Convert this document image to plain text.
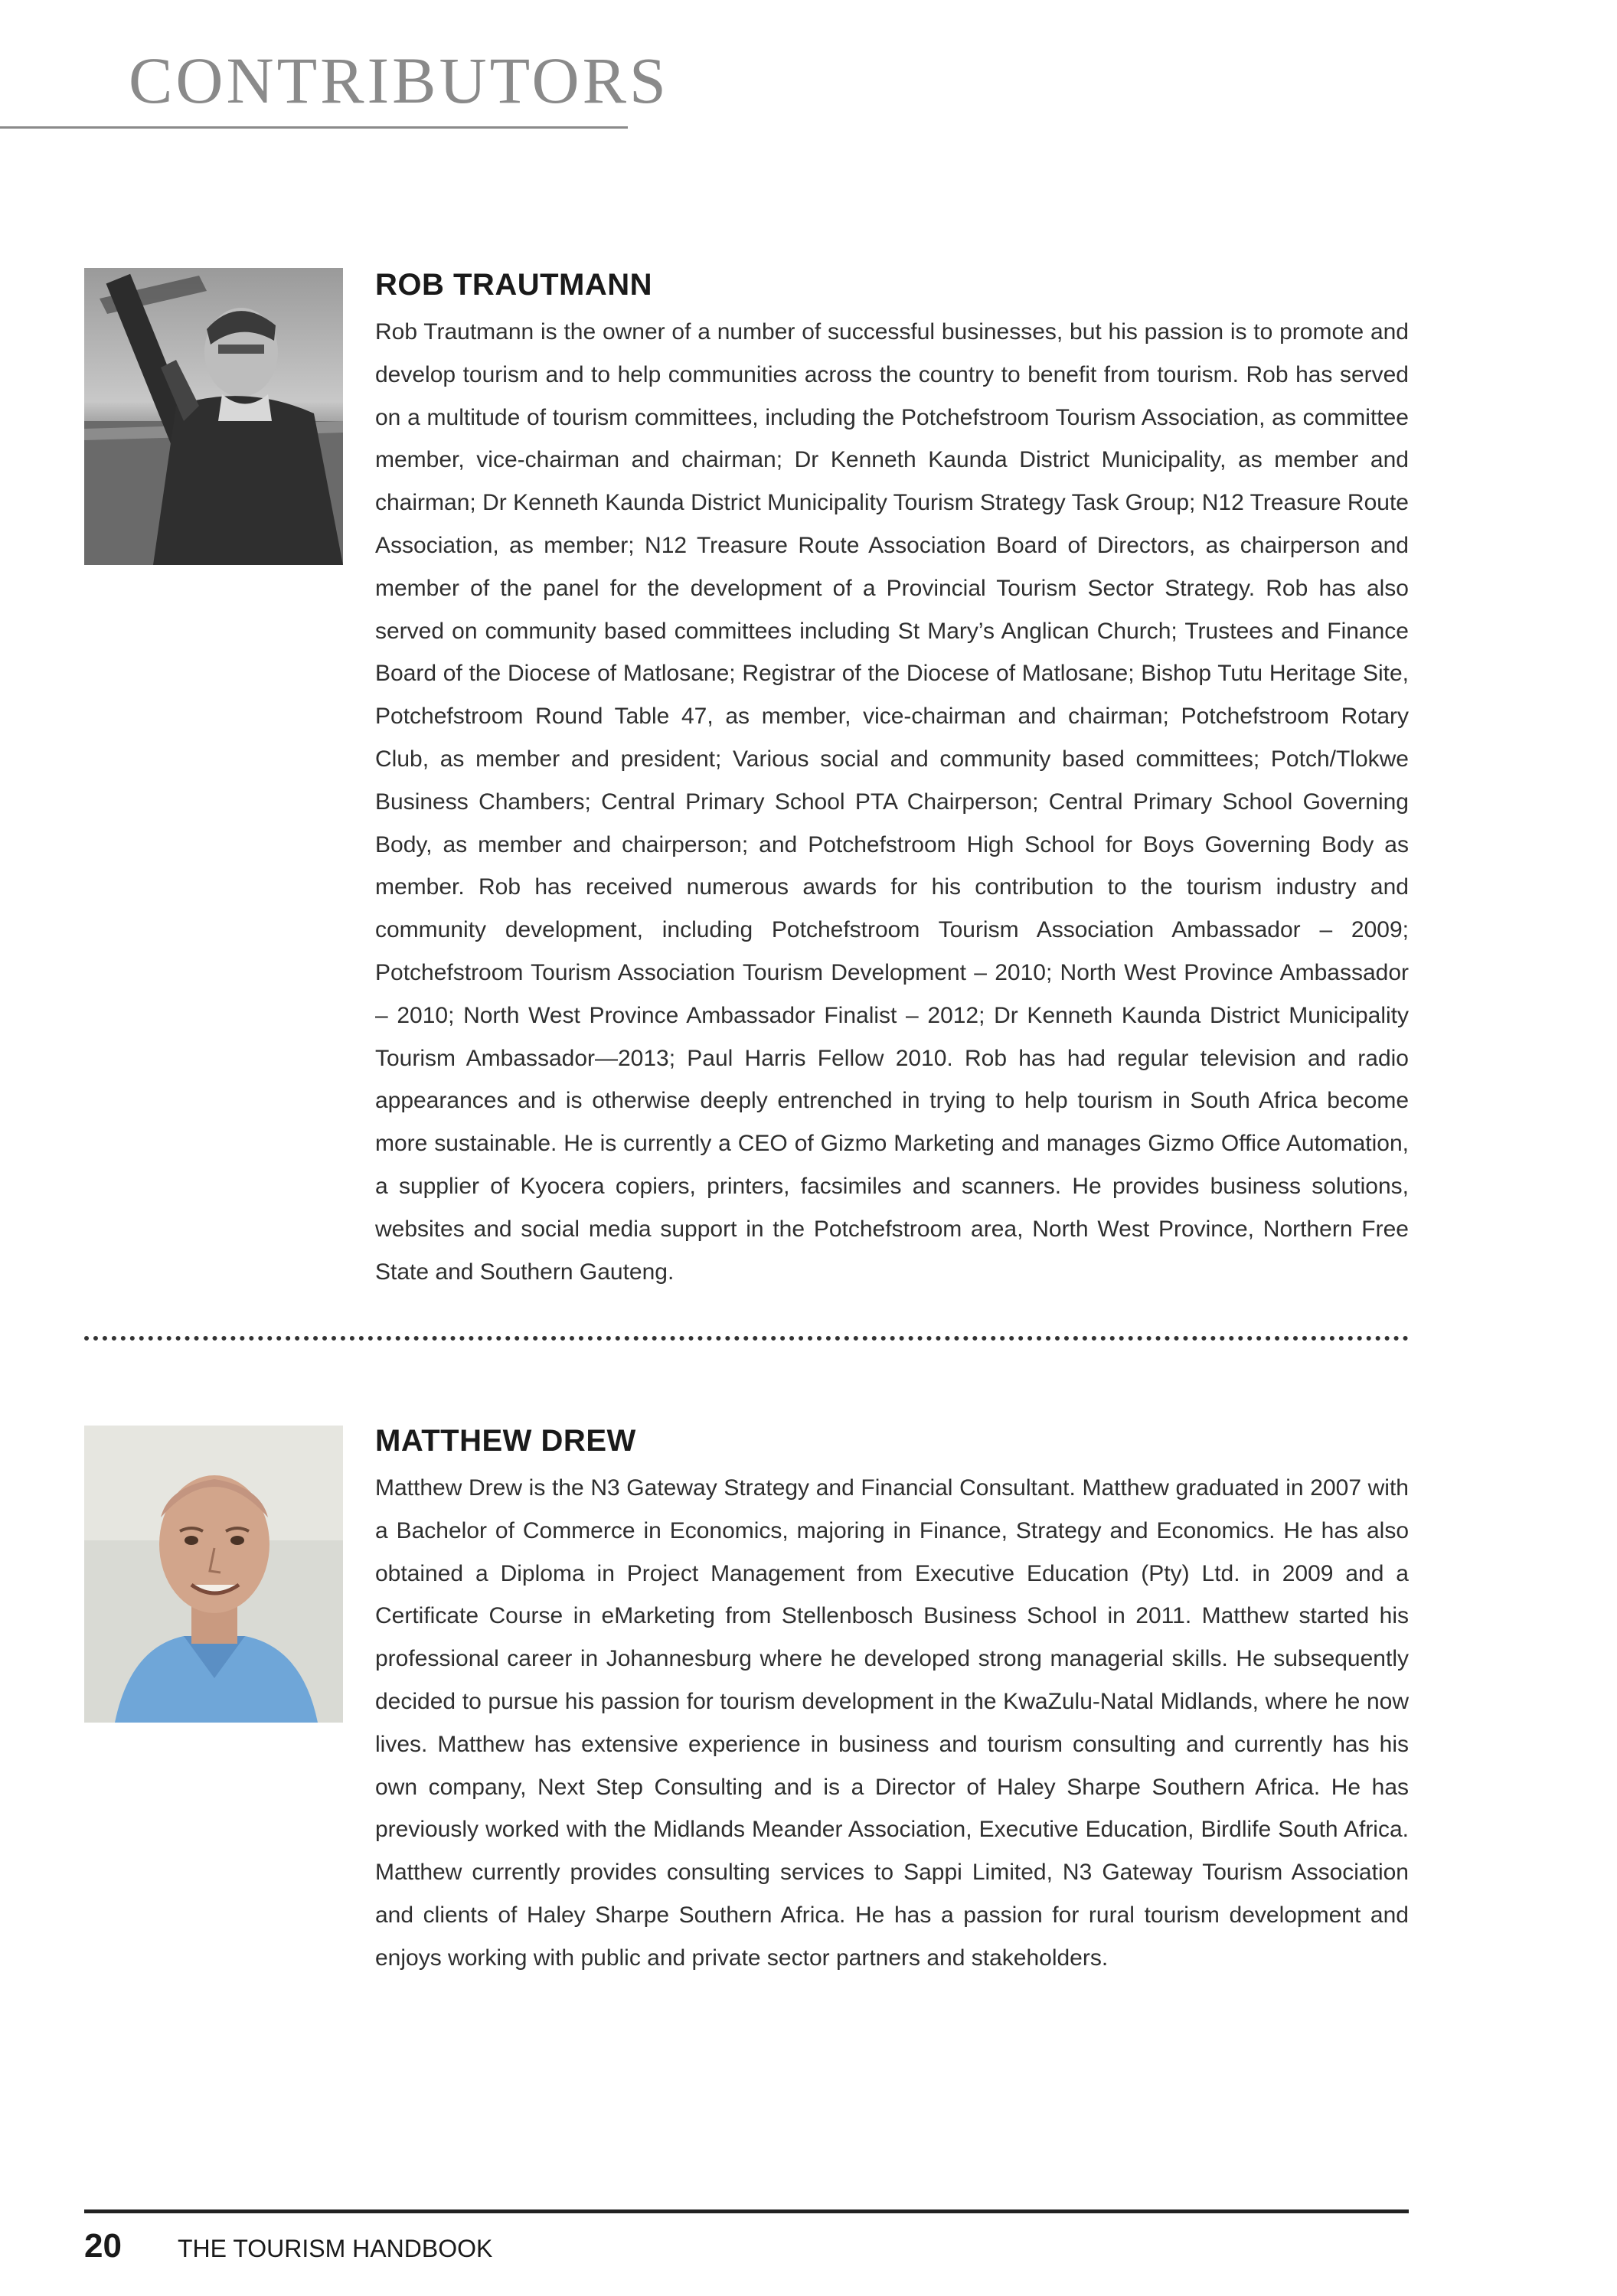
CONTRIBUTORS
ROB TRAUTMANN

Rob Trautmann is the owner of a number of successful businesses, but his passion is to promote and develop tourism and to help communities across the country to benefit from tourism. Rob has served on a multitude of tourism committees, including the Potchefstroom Tourism Association, as committee member, vice-chairman and chairman; Dr Kenneth Kaunda District Municipality, as member and chairman; Dr Kenneth Kaunda District Municipality Tourism Strategy Task Group; N12 Treasure Route Association, as member; N12 Treasure Route Association Board of Directors, as chairperson and member of the panel for the development of a Provincial Tourism Sector Strategy. Rob has also served on community based committees including St Mary’s Anglican Church; Trustees and Finance Board of the Diocese of Matlosane; Registrar of the Diocese of Matlosane; Bishop Tutu Heritage Site, Potchefstroom Round Table 47, as member, vice-chairman and chairman; Potchefstroom Rotary Club, as member and president; Various social and community based committees; Potch/Tlokwe Business Chambers; Central Primary School PTA Chairperson; Central Primary School Governing Body, as member and chairperson; and Potchefstroom High School for Boys Governing Body as member. Rob has received numerous awards for his contribution to the tourism industry and community development, including Potchefstroom Tourism Association Ambassador – 2009; Potchefstroom Tourism Association Tourism Development – 2010; North West Province Ambassador – 2010; North West Province Ambassador Finalist – 2012; Dr Kenneth Kaunda District Municipality Tourism Ambassador—2013; Paul Harris Fellow 2010. Rob has had regular television and radio appearances and is otherwise deeply entrenched in trying to help tourism in South Africa become more sustainable. He is currently a CEO of Gizmo Marketing and manages Gizmo Office Automation, a supplier of Kyocera copiers, printers, facsimiles and scanners. He provides business solutions, websites and social media support in the Potchefstroom area, North West Province, Northern Free State and Southern Gauteng.

MATTHEW DREW

Matthew Drew is the N3 Gateway Strategy and Financial Consultant. Matthew graduated in 2007 with a Bachelor of Commerce in Economics, majoring in Finance, Strategy and Economics. He has also obtained a Diploma in Project Management from Executive Education (Pty) Ltd. in 2009 and a Certificate Course in eMarketing from Stellenbosch Business School in 2011. Matthew started his professional career in Johannesburg where he developed strong managerial skills. He subsequently decided to pursue his passion for tourism development in the KwaZulu-Natal Midlands, where he now lives. Matthew has extensive experience in business and tourism consulting and currently has his own company, Next Step Consulting and is a Director of Haley Sharpe Southern Africa. He has previously worked with the Midlands Meander Association, Executive Education, Birdlife South Africa. Matthew currently provides consulting services to Sappi Limited, N3 Gateway Tourism Association and clients of Haley Sharpe Southern Africa. He has a passion for rural tourism development and enjoys working with public and private sector partners and stakeholders.

20 THE TOURISM HANDBOOK
